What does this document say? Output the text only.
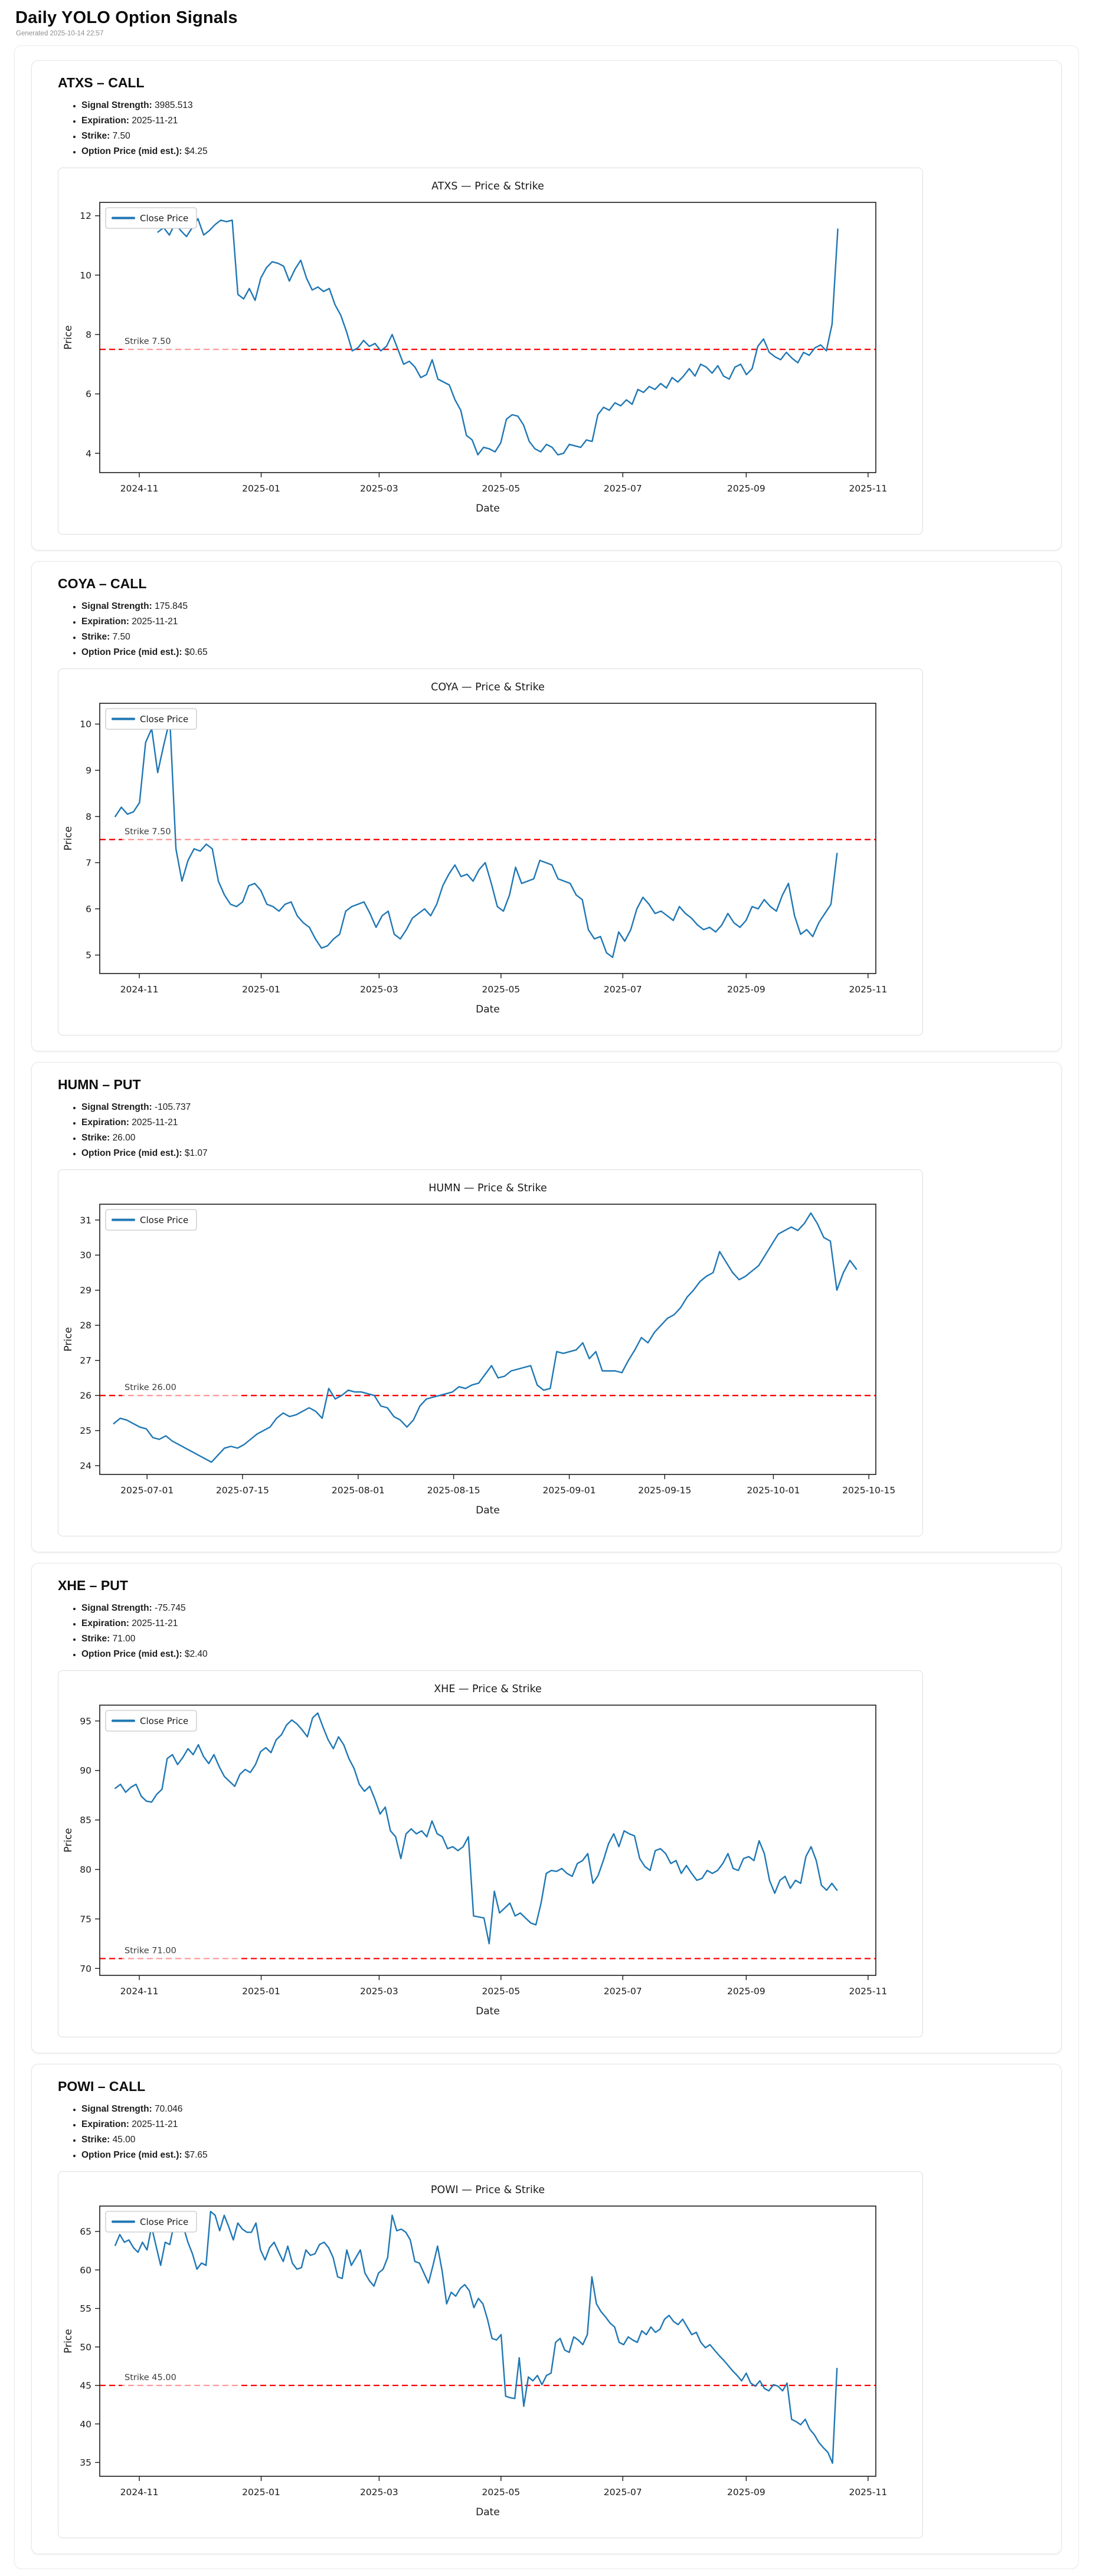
Daily YOLO Option Signals
Generated 2025-10-14 22:57
ATXS – CALL
• Signal Strength: 3985.513
• Expiration: 2025-11-21
• Strike: 7.50
• Option Price (mid est.): $4.25
ATXS — Price & Strike
4
6
8
10
12
2024-11	2025-01	2025-03	2025-05	2025-07	2025-09	2025-11
Date
Price	Strike 7.50
Close Price
COYA – CALL
• Signal Strength: 175.845
• Expiration: 2025-11-21
• Strike: 7.50
• Option Price (mid est.): $0.65
COYA — Price & Strike
5
6
7
8
9
10
2024-11	2025-01	2025-03	2025-05	2025-07	2025-09	2025-11
Date
Price	Strike 7.50
Close Price
HUMN – PUT
• Signal Strength: -105.737
• Expiration: 2025-11-21
• Strike: 26.00
• Option Price (mid est.): $1.07
HUMN — Price & Strike
24
25
26
27
28
29
30
31
2025-07-01	2025-07-15	2025-08-01	2025-08-15	2025-09-01	2025-09-15	2025-10-01	2025-10-15
Date
Price
Strike 26.00
Close Price
XHE – PUT
• Signal Strength: -75.745
• Expiration: 2025-11-21
• Strike: 71.00
• Option Price (mid est.): $2.40
XHE — Price & Strike
70
75
80
85
90
95
2024-11	2025-01	2025-03	2025-05	2025-07	2025-09	2025-11
Date
Price
Strike 71.00
Close Price
POWI – CALL
• Signal Strength: 70.046
• Expiration: 2025-11-21
• Strike: 45.00
• Option Price (mid est.): $7.65
POWI — Price & Strike
35
40
45
50
55
60
65
2024-11	2025-01	2025-03	2025-05	2025-07	2025-09	2025-11
Date
Price
Strike 45.00
Close Price
